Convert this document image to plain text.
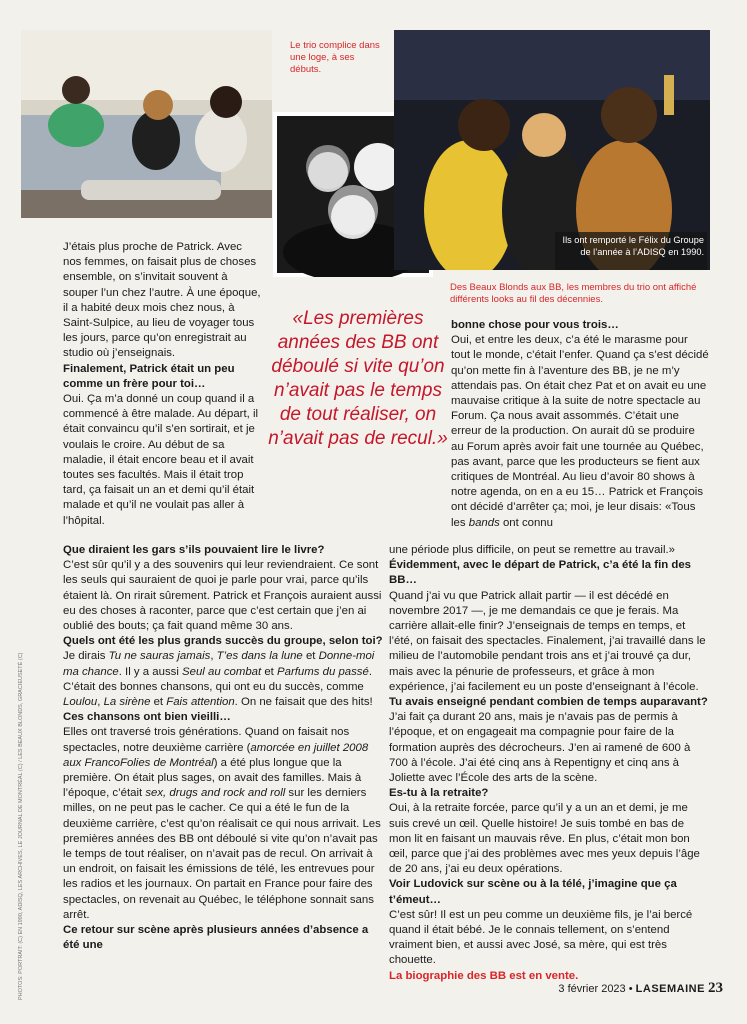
Le trio complice dans une loge, à ses débuts.
Ils ont remporté le Félix du Groupe de l’année à l’ADISQ en 1990.
Des Beaux Blonds aux BB, les membres du trio ont affiché différents looks au fil des décennies.
PHOTOS: PORTRAIT: (C) EN 1990, ADISQ, LES ARCHIVES, LE JOURNAL DE MONTRÉAL (C) / LES BEAUX BLONDS, GRACIEUSETÉ (C)
«Les premières années des BB ont déboulé si vite qu’on n’avait pas le temps de tout réaliser, on n’avait pas de recul.»

J’étais plus proche de Patrick. Avec nos femmes, on faisait plus de choses ensemble, on s’invitait souvent à souper l’un chez l’autre. À une époque, il a habité deux mois chez nous, à Saint-Sulpice, au lieu de voyager tous les jours, parce qu’on enregistrait au studio où j’enseignais.

Finalement, Patrick était un peu comme un frère pour toi…

Oui. Ça m’a donné un coup quand il a commencé à être malade. Au départ, il était convaincu qu’il s’en sortirait, et je voulais le croire. Au début de sa maladie, il était encore beau et il avait toutes ses facultés. Mais il était trop tard, ça faisait un an et demi qu’il était malade et qu’il ne voulait pas aller à l’hôpital.

Que diraient les gars s’ils pouvaient lire le livre?

C’est sûr qu’il y a des souvenirs qui leur reviendraient. Ce sont les seuls qui sauraient de quoi je parle pour vrai, parce qu’ils étaient là. On rirait sûrement. Patrick et François auraient aussi eu des choses à raconter, parce que c’est certain que j’en ai oublié des bouts; ça fait quand même 30 ans.

Quels ont été les plus grands succès du groupe, selon toi?

Je dirais Tu ne sauras jamais, T’es dans la lune et Donne-moi ma chance. Il y a aussi Seul au combat et Parfums du passé. C’était des bonnes chansons, qui ont eu du succès, comme Loulou, La sirène et Fais attention. On ne faisait que des hits!

Ces chansons ont bien vieilli…

Elles ont traversé trois générations. Quand on faisait nos spectacles, notre deuxième carrière (amorcée en juillet 2008 aux FrancoFolies de Montréal) a été plus longue que la première. On était plus sages, on avait des familles. Mais à l’époque, c’était sex, drugs and rock and roll sur les derniers milles, on ne peut pas le cacher. Ce qui a été le fun de la deuxième carrière, c’est qu’on réalisait ce qui nous arrivait. Les premières années des BB ont déboulé si vite qu’on n’avait pas le temps de tout réaliser, on n’avait pas de recul. On arrivait à un endroit, on faisait les émissions de télé, les entrevues pour les radios et les journaux. On partait en France pour faire des spectacles, on revenait au Québec, le téléphone sonnait sans arrêt.

Ce retour sur scène après plusieurs années d’absence a été une

bonne chose pour vous trois…

Oui, et entre les deux, c’a été le marasme pour tout le monde, c’était l’enfer. Quand ça s’est décidé qu’on mette fin à l’aventure des BB, je ne m’y attendais pas. On était chez Pat et on avait eu une mauvaise critique à la suite de notre spectacle au Forum. Ça nous avait assommés. C’était une erreur de la production. On aurait dû se produire au Forum après avoir fait une tournée au Québec, pas avant, parce que les producteurs se fient aux critiques de Montréal. Au lieu d’avoir 80 shows à notre agenda, on en a eu 15… Patrick et François ont décidé d’arrêter ça; moi, je leur disais: «Tous les bands ont connu

une période plus difficile, on peut se remettre au travail.»

Évidemment, avec le départ de Patrick, c’a été la fin des BB…

Quand j’ai vu que Patrick allait partir — il est décédé en novembre 2017 —, je me demandais ce que je ferais. Ma carrière allait-elle finir? J’enseignais de temps en temps, et l’été, on faisait des spectacles. Finalement, j’ai travaillé dans le milieu de l’automobile pendant trois ans et j’ai trouvé ça dur, mais avec la pénurie de professeurs, et grâce à mon expérience, j’ai facilement eu un poste d’enseignant à l’école.

Tu avais enseigné pendant combien de temps auparavant?

J’ai fait ça durant 20 ans, mais je n’avais pas de permis à l’époque, et on engageait ma compagnie pour faire de la formation auprès des décrocheurs. J’en ai ramené de 600 à 700 à l’école. J’ai été cinq ans à Repentigny et cinq ans à Joliette avec l’École des arts de la scène.

Es-tu à la retraite?

Oui, à la retraite forcée, parce qu’il y a un an et demi, je me suis crevé un œil. Quelle histoire! Je suis tombé en bas de mon lit en faisant un mauvais rêve. En plus, c’était mon bon œil, parce que j’ai des problèmes avec mes yeux depuis l’âge de 20 ans, j’ai eu deux opérations.

Voir Ludovick sur scène ou à la télé, j’imagine que ça t’émeut…

C’est sûr! Il est un peu comme un deuxième fils, je l’ai bercé quand il était bébé. Je le connais tellement, on s’entend vraiment bien, et aussi avec José, sa mère, qui est très chouette.

La biographie des BB est en vente.

3 février 2023 • LASEMAINE 23
